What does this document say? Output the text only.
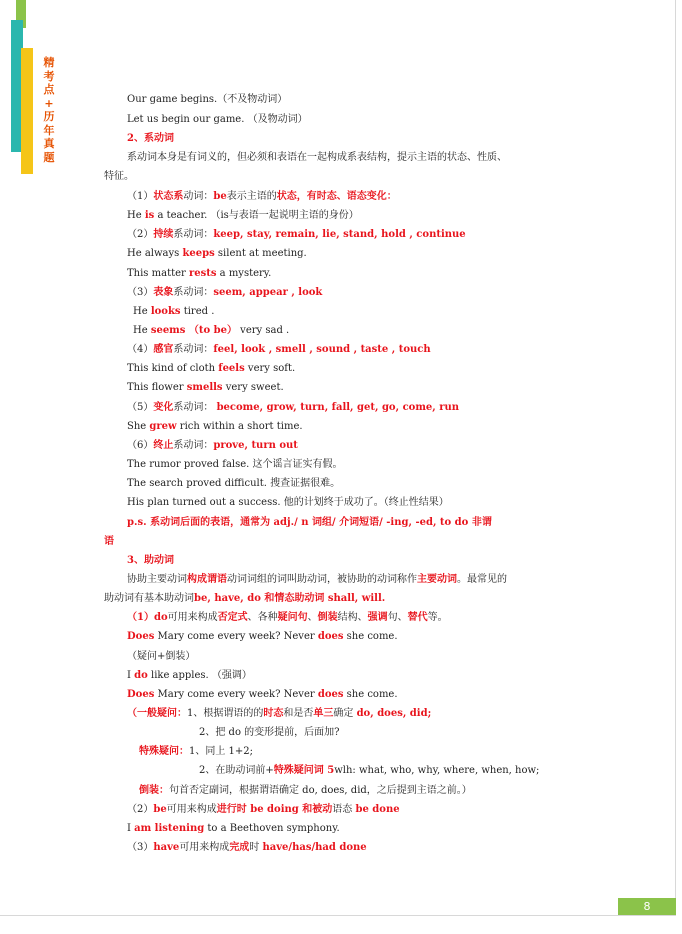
精
考
点
+
历
年
真
题
Our game begins.（不及物动词）
Let us begin our game. （及物动词）
2、系动词
系动词本身是有词义的，但必须和表语在一起构成系表结构，提示主语的状态、性质、
特征。
（1）状态系动词：be表示主语的状态，有时态、语态变化：
He is a teacher. （is与表语一起说明主语的身份）
（2）持续系动词：keep, stay, remain, lie, stand, hold , continue
He always keeps silent at meeting.
This matter rests a mystery.
（3）表象系动词：seem, appear , look
He looks tired .
He seems （to be） very sad .
（4）感官系动词：feel, look , smell , sound , taste , touch
This kind of cloth feels very soft.
This flower smells very sweet.
（5）变化系动词： become, grow, turn, fall, get, go, come, run
She grew rich within a short time.
（6）终止系动词：prove, turn out
The rumor proved false. 这个谣言证实有假。
The search proved difficult. 搜查证据很难。
His plan turned out a success. 他的计划终于成功了。（终止性结果）
p.s. 系动词后面的表语，通常为 adj./ n 词组/ 介词短语/ -ing, -ed, to do 非谓
语
3、助动词
协助主要动词构成谓语动词词组的词叫助动词，被协助的动词称作主要动词。最常见的
助动词有基本助动词be, have, do 和情态助动词 shall, will.
（1）do可用来构成否定式、各种疑问句、倒装结构、强调句、替代等。
Does Mary come every week? Never does she come.
（疑问+倒装）
I do like apples. （强调）
Does Mary come every week? Never does she come.
（一般疑问：1、根据谓语的的时态和是否单三确定 do, does, did;
2、把 do 的变形提前，后面加?
特殊疑问：1、同上 1+2;
2、在助动词前+特殊疑问词 5wlh: what, who, why, where, when, how;
倒装：句首否定副词，根据谓语确定 do, does, did，之后提到主语之前。）
（2）be可用来构成进行时 be doing 和被动语态 be done
I am listening to a Beethoven symphony.
（3）have可用来构成完成时 have/has/had done
8
